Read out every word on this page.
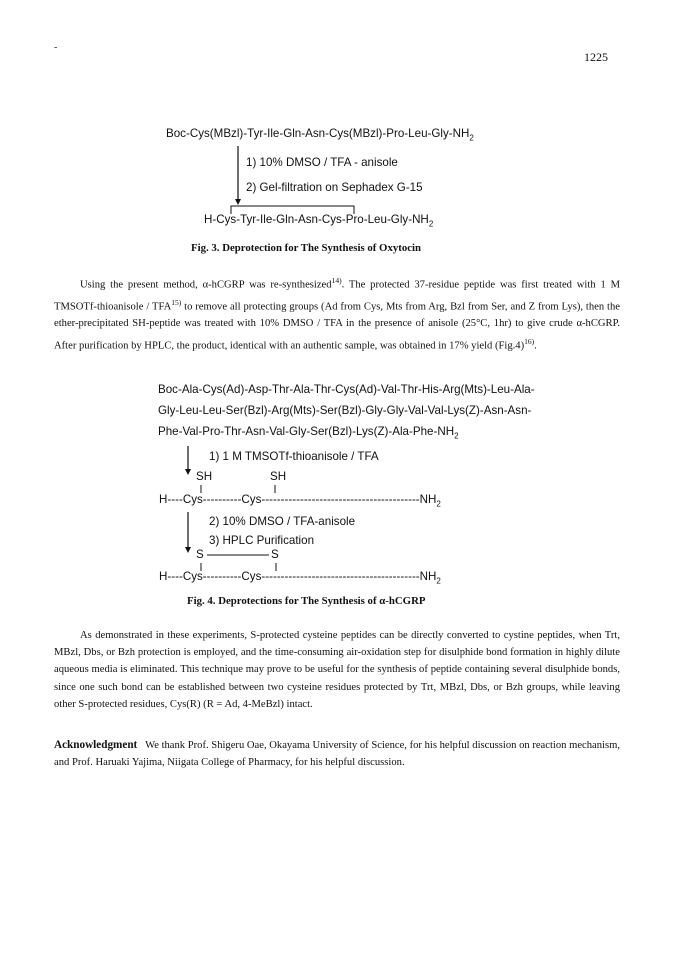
-
1225
Boc-$Cys(MBzl)-Tyr-Ile-Gln-Asn-Cys(MBzl)-Pro-Leu-Gly-NH_2$
1) 10% DMSO / TFA - anisole
2) Gel-filtration on Sephadex G-15
$H-Cys-Tyr-Ile-Gln-Asn-Cys-Pro-Leu-Gly-NH_2$
Fig. 3. Deprotection for The Synthesis of Oxytocin
Using the present method, α-hCGRP was re-synthesized$^{14)}$. The protected 37-residue peptide was first treated with 1 M TMSOTf-thioanisole / TFA$^{15)}$ to remove all protecting groups (Ad from Cys, Mts from Arg, Bzl from Ser, and Z from Lys), then the ether-precipitated SH-peptide was treated with 10% DMSO / TFA in the presence of anisole (25°C, 1hr) to give crude α-hCGRP. After purification by HPLC, the product, identical with an authentic sample, was obtained in 17% yield $(Fig.4)^{16)}$.
Boc-Ala-Cys(Ad)-Asp-Thr-Ala-Thr-Cys(Ad)-Val-Thr-His-Arg(Mts)-Leu-Ala-
Gly-Leu-Leu-Ser(Bzl)-Arg(Mts)-Ser(Bzl)-Gly-Gly-Val-Val-Lys(Z)-Asn-Asn-
Phe-$Val-Pro-Thr-Asn-Val-Gly-Ser(Bzl)-Lys(Z)-Ala-Phe-NH_2$
1) 1 M TMSOTf-thioanisole / TFA
SH	SH
$H----Cys----------Cys-----------------------------------------NH_2$
2) 10% DMSO / TFA-anisole
3) HPLC Purification
S	S
$H----Cys----------Cys-----------------------------------------NH_2$
Fig. 4. Deprotections for The Synthesis of α-hCGRP
As demonstrated in these experiments, S-protected cysteine peptides can be directly converted to cystine peptides, when Trt, MBzl, Dbs, or Bzh protection is employed, and the time-consuming air-oxidation step for disulphide bond formation in highly dilute aqueous media is eliminated. This technique may prove to be useful for the synthesis of peptide containing several disulphide bonds, since one such bond can be established between two cysteine residues protected by Trt, MBzl, Dbs, or Bzh groups, while leaving other S-protected residues, Cys(R) (R = Ad, 4-MeBzl) intact.
Acknowledgment We thank Prof. Shigeru Oae, Okayama University of Science, for his helpful discussion on reaction mechanism, and Prof. Haruaki Yajima, Niigata College of Pharmacy, for his helpful discussion.
